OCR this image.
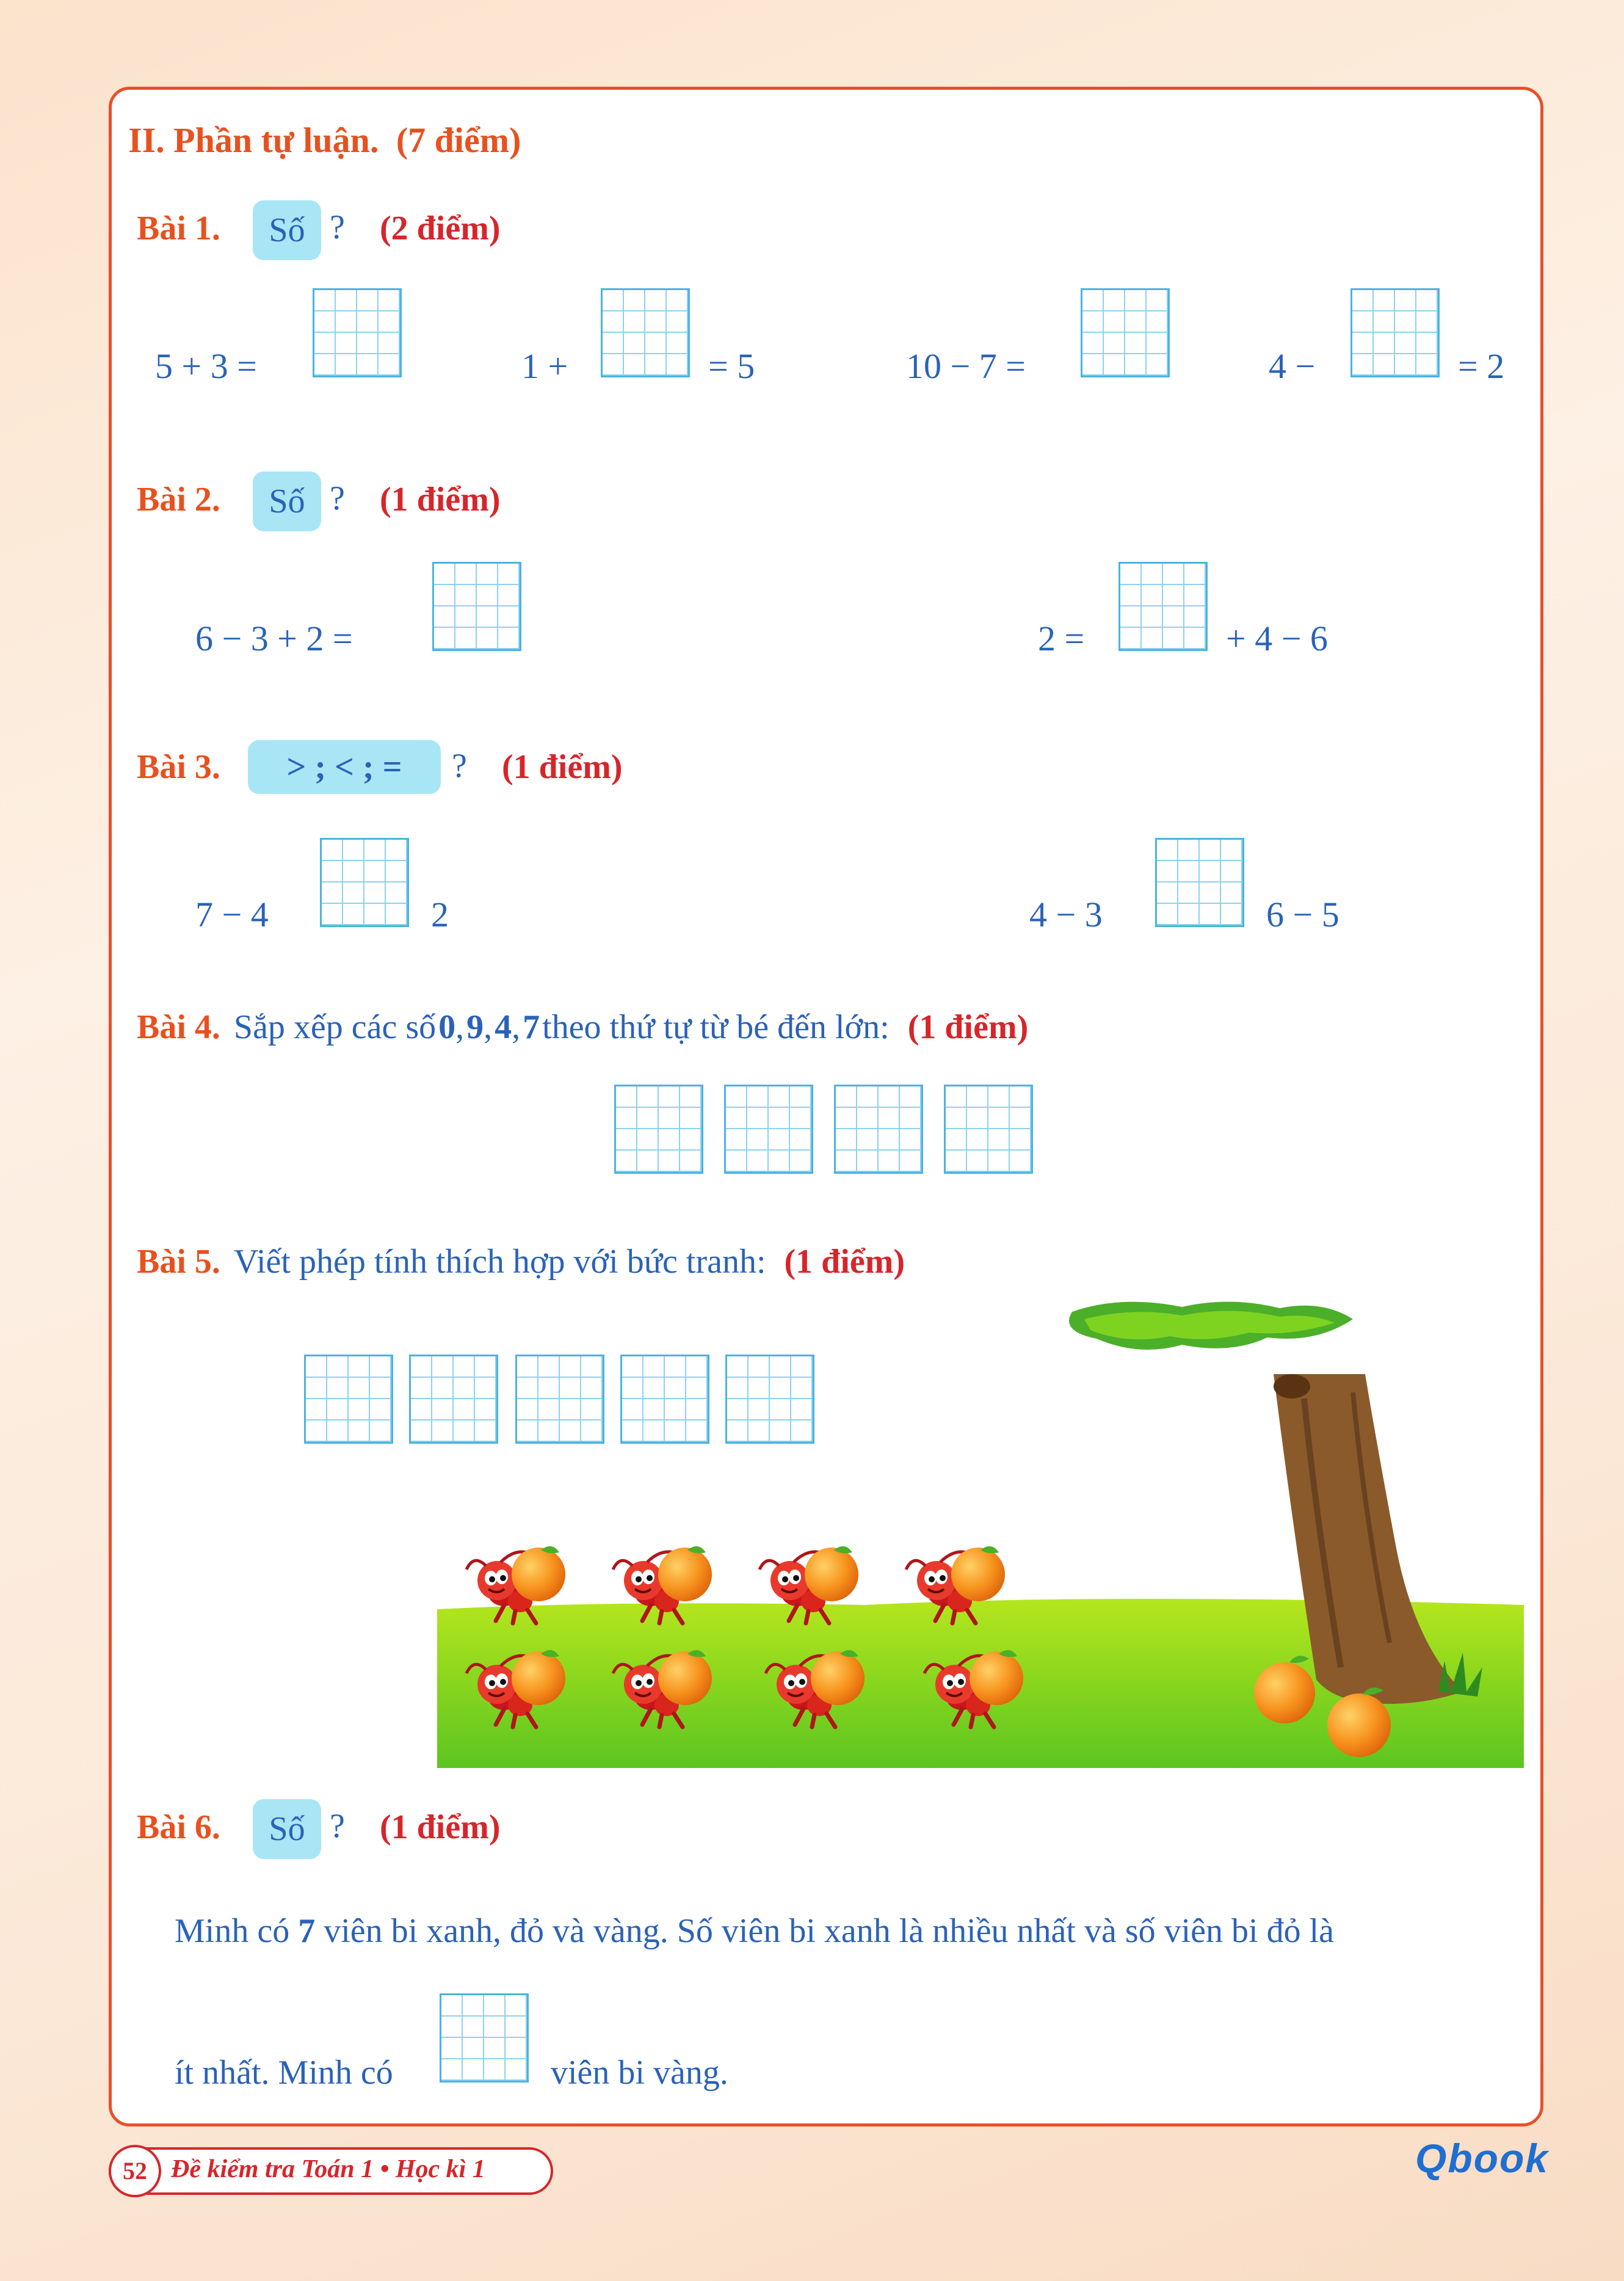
II. Phần tự luận. (7 điểm)
Bài 1.	Số ? (2 điểm)
5 + 3 =	1 +	= 5	10 − 7 =	4 −	= 2
Bài 2.	Số ? (1 điểm)
6 − 3 + 2 =	2 =	+ 4 − 6
Bài 3.	> ; < ; =	? (1 điểm)
7 − 4	2	4 − 3	6 − 5
Bài 4. Sắp xếp các số 0, 9, 4, 7 theo thứ tự từ bé đến lớn: (1 điểm)
Bài 5. Viết phép tính thích hợp với bức tranh: (1 điểm)
Bài 6.	Số ? (1 điểm)
Minh có 7 viên bi xanh, đỏ và vàng. Số viên bi xanh là nhiều nhất và số viên bi đỏ là
ít nhất. Minh có	viên bi vàng.
Đề kiểm tra Toán 1 • Học kì 1
52	Qbook
